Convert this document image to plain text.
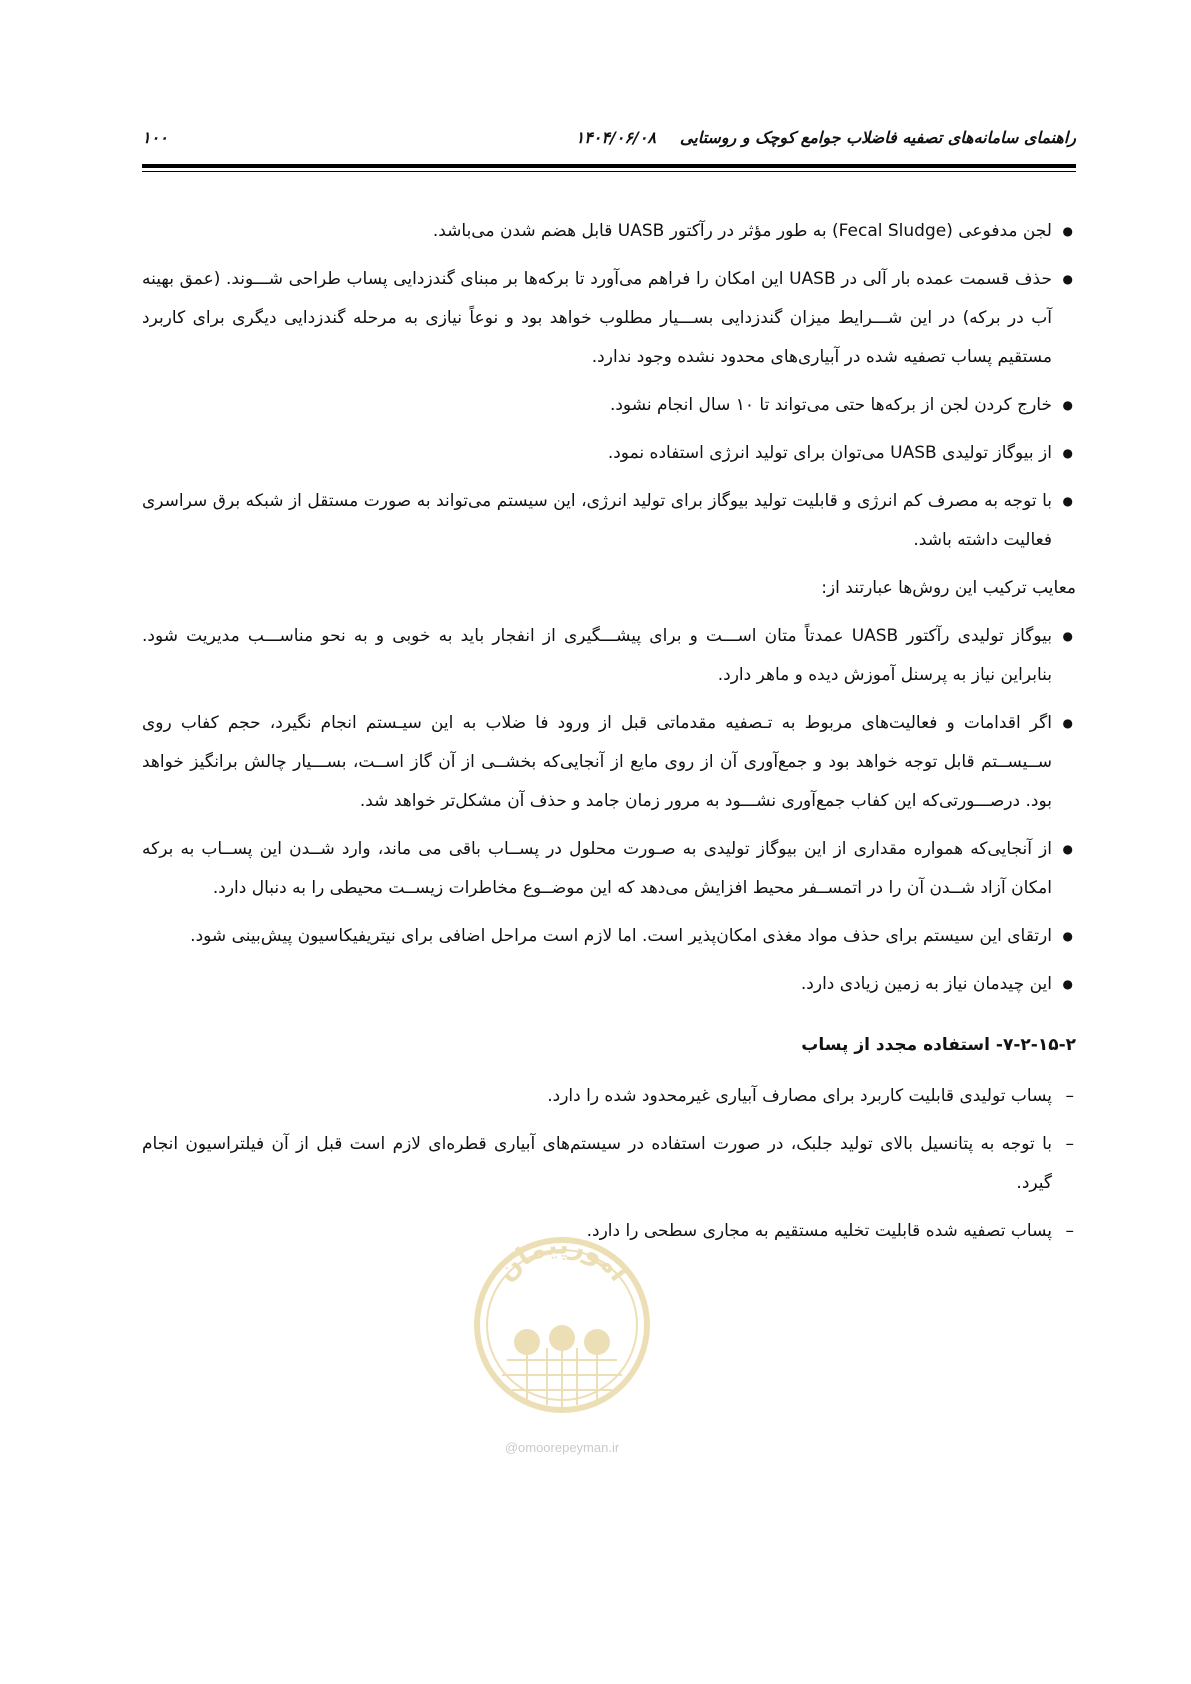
راهنمای سامانه‌های تصفیه فاضلاب جوامع کوچک و روستایی
۱۴۰۴/۰۶/۰۸
۱۰۰
● لجن مدفوعی (Fecal Sludge) به طور مؤثر در رآکتور UASB قابل هضم شدن می‌باشد.
● حذف قسمت عمده بار آلی در UASB این امکان را فراهم می‌آورد تا برکه‌ها بر مبنای گندزدایی پساب طراحی شـــوند. (عمق بهینه آب در برکه) در این شـــرایط میزان گندزدایی بســـیار مطلوب خواهد بود و نوعاً نیازی به مرحله گندزدایی دیگری برای کاربرد مستقیم پساب تصفیه شده در آبیاری‌های محدود نشده وجود ندارد.
● خارج کردن لجن از برکه‌ها حتی می‌تواند تا ۱۰ سال انجام نشود.
● از بیوگاز تولیدی UASB می‌توان برای تولید انرژی استفاده نمود.
● با توجه به مصرف کم انرژی و قابلیت تولید بیوگاز برای تولید انرژی، این سیستم می‌تواند به صورت مستقل از شبکه برق سراسری فعالیت داشته باشد.

معایب ترکیب این روش‌ها عبارتند از:

● بیوگاز تولیدی رآکتور UASB عمدتاً متان اســـت و برای پیشـــگیری از انفجار باید به خوبی و به نحو مناســـب مدیریت شود. بنابراین نیاز به پرسنل آموزش دیده و ماهر دارد.
● اگر اقدامات و فعالیت‌های مربوط به تـصفیه مقدماتی قبل از ورود فا ضلاب به این سیـستم انجام نگیرد، حجم کفاب روی ســیســتم قابل توجه خواهد بود و جمع‌آوری آن از روی مایع از آنجایی‌که بخشــی از آن گاز اســت، بســـیار چالش برانگیز خواهد بود. درصـــورتی‌که این کفاب جمع‌آوری نشـــود به مرور زمان جامد و حذف آن مشکل‌تر خواهد شد.
● از آنجایی‌که همواره مقداری از این بیوگاز تولیدی به صـورت محلول در پســاب باقی می ماند، وارد شــدن این پســاب به برکه امکان آزاد شــدن آن را در اتمســفر محیط افزایش می‌دهد که این موضــوع مخاطرات زیســت محیطی را به دنبال دارد.
● ارتقای این سیستم برای حذف مواد مغذی امکان‌پذیر است. اما لازم است مراحل اضافی برای نیتریفیکاسیون پیش‌بینی شود.
● این چیدمان نیاز به زمین زیادی دارد.
۷-۲-۱۵-۲- استفاده مجدد از پساب
– پساب تولیدی قابلیت کاربرد برای مصارف آبیاری غیرمحدود شده را دارد.
– با توجه به پتانسیل بالای تولید جلبک، در صورت استفاده در سیستم‌های آبیاری قطره‌ای لازم است قبل از آن فیلتراسیون انجام گیرد.
– پساب تصفیه شده قابلیت تخلیه مستقیم به مجاری سطحی را دارد.
امورپیمان
@omoorepeyman.ir
